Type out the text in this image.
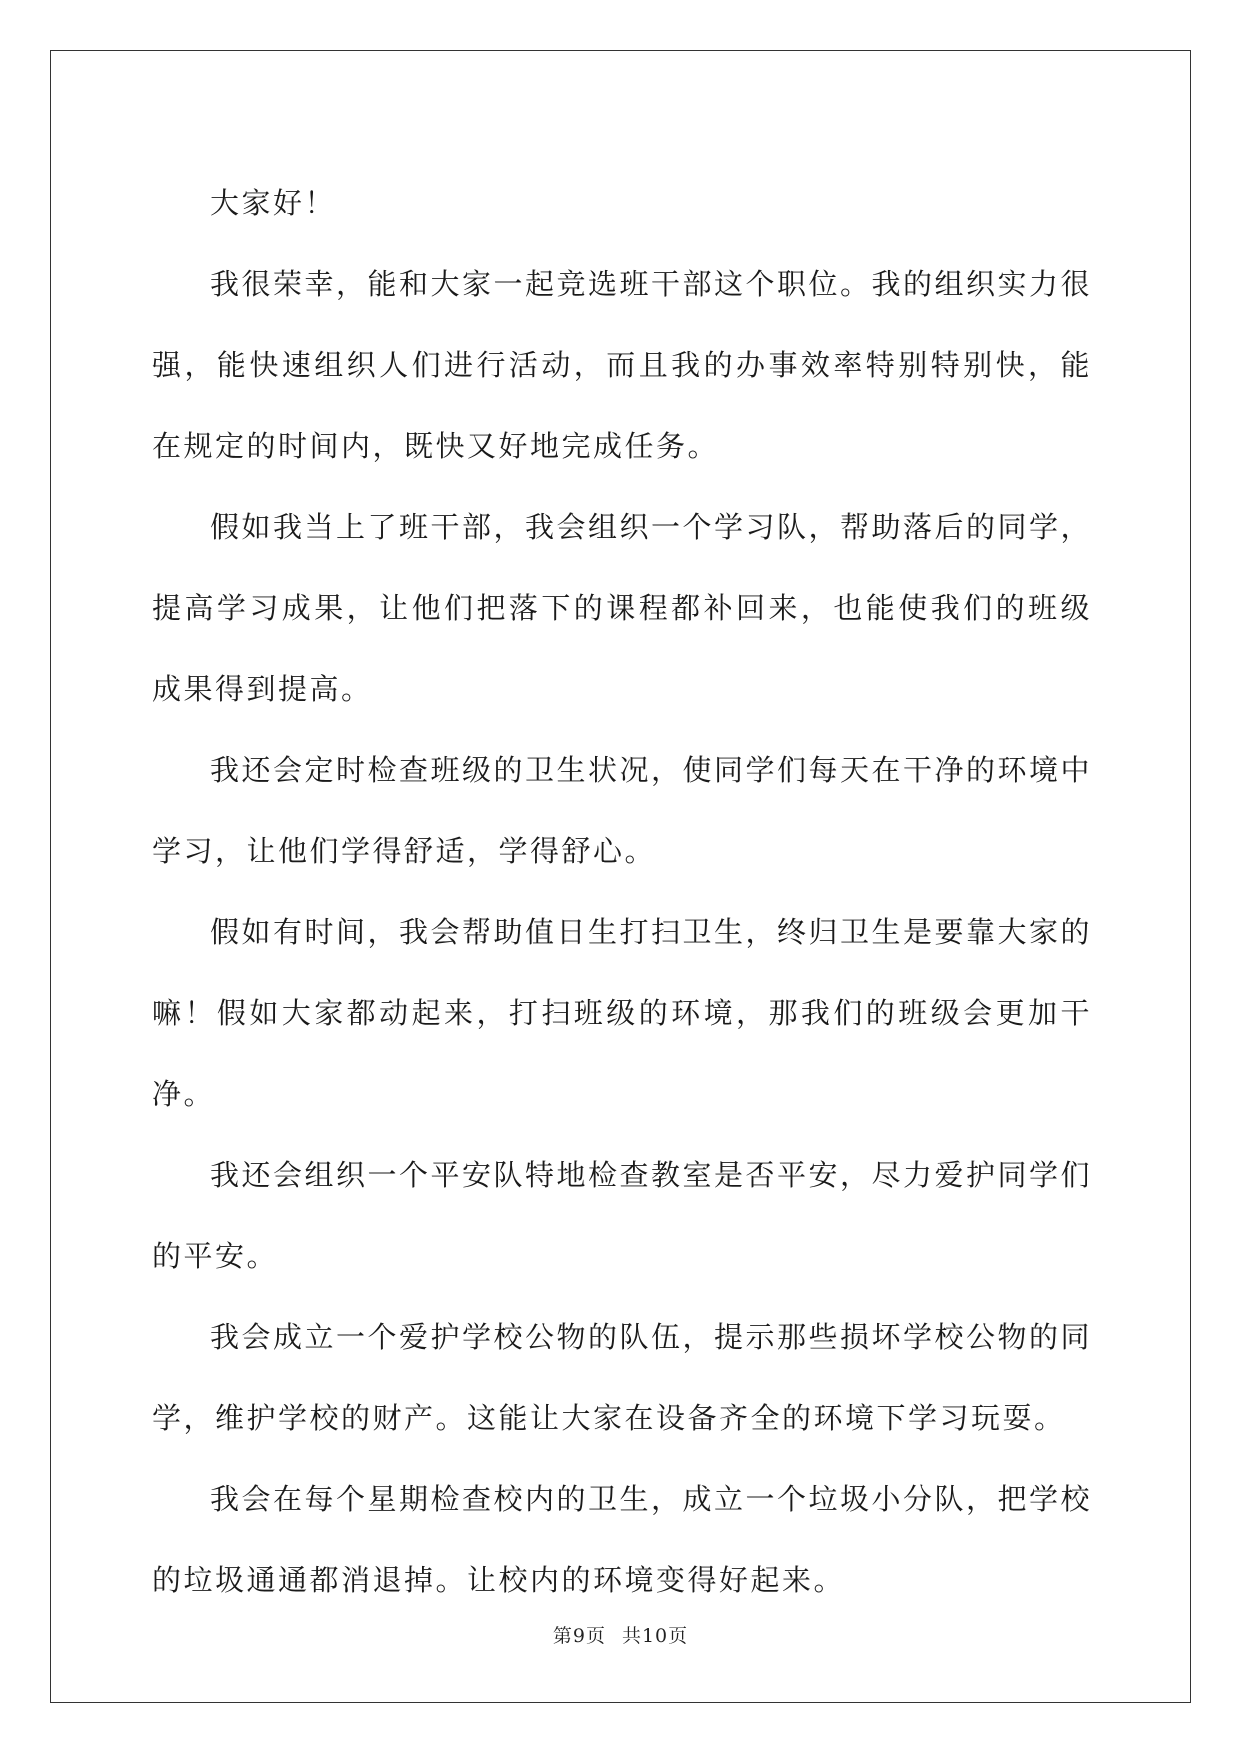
大家好！

我很荣幸，能和大家一起竞选班干部这个职位。我的组织实力很强，能快速组织人们进行活动，而且我的办事效率特别特别快，能在规定的时间内，既快又好地完成任务。

假如我当上了班干部，我会组织一个学习队，帮助落后的同学，提高学习成果，让他们把落下的课程都补回来，也能使我们的班级成果得到提高。

我还会定时检查班级的卫生状况，使同学们每天在干净的环境中学习，让他们学得舒适，学得舒心。

假如有时间，我会帮助值日生打扫卫生，终归卫生是要靠大家的嘛！假如大家都动起来，打扫班级的环境，那我们的班级会更加干净。

我还会组织一个平安队特地检查教室是否平安，尽力爱护同学们的平安。

我会成立一个爱护学校公物的队伍，提示那些损坏学校公物的同学，维护学校的财产。这能让大家在设备齐全的环境下学习玩耍。

我会在每个星期检查校内的卫生，成立一个垃圾小分队，把学校的垃圾通通都消退掉。让校内的环境变得好起来。

第9页 共10页
